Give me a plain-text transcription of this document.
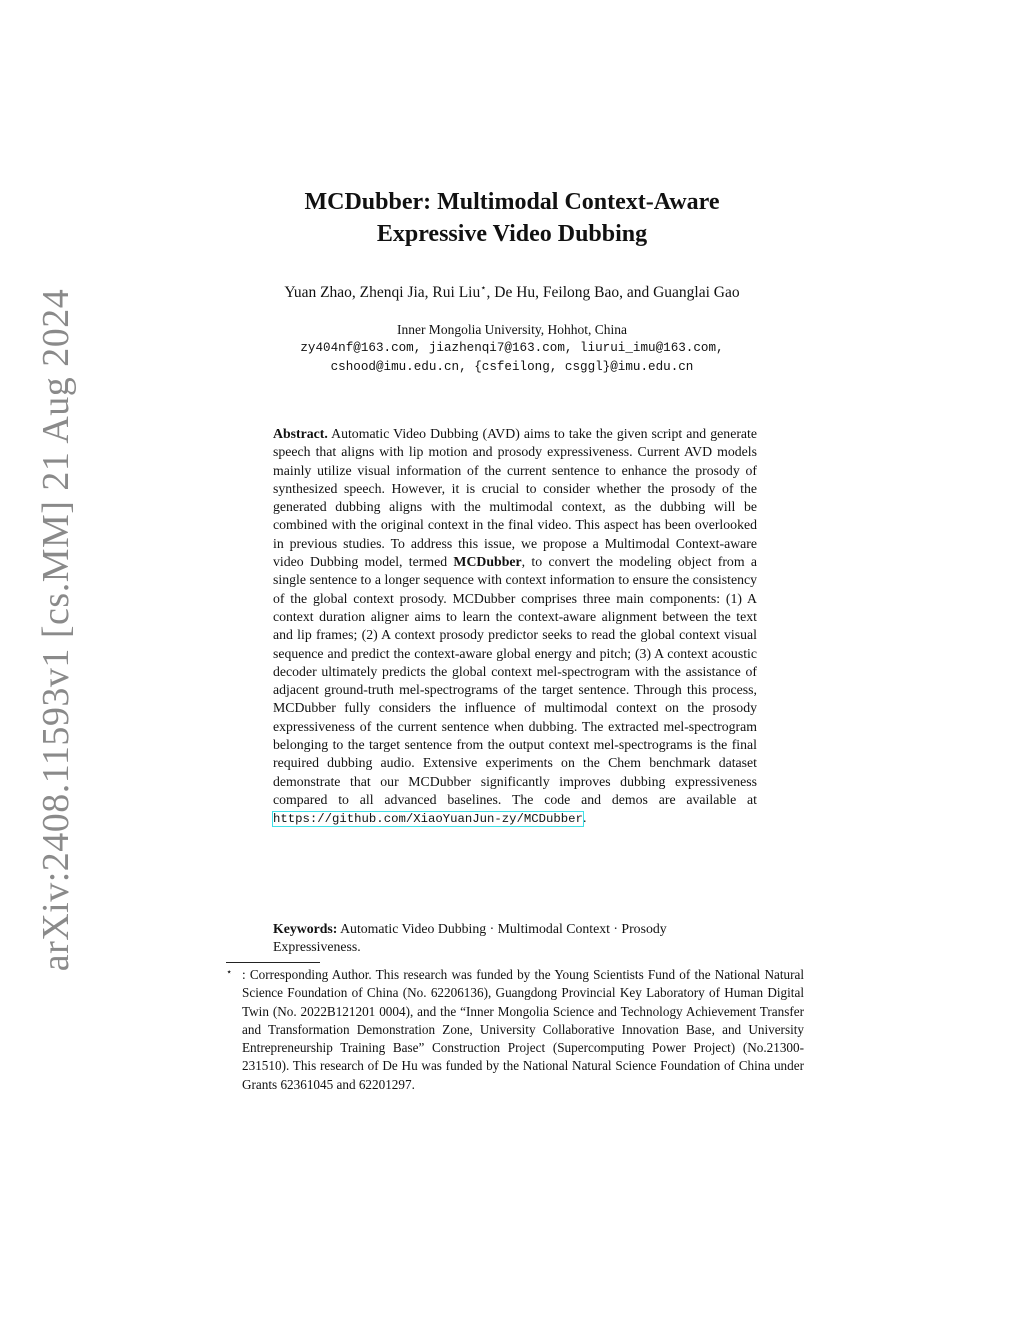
arXiv:2408.11593v1 [cs.MM] 21 Aug 2024
MCDubber: Multimodal Context-Aware
Expressive Video Dubbing
Yuan Zhao, Zhenqi Jia, Rui Liu⋆, De Hu, Feilong Bao, and Guanglai Gao
Inner Mongolia University, Hohhot, China
zy404nf@163.com, jiazhenqi7@163.com, liurui_imu@163.com,
cshood@imu.edu.cn, {csfeilong, csggl}@imu.edu.cn
Abstract. Automatic Video Dubbing (AVD) aims to take the given script and generate speech that aligns with lip motion and prosody expressiveness. Current AVD models mainly utilize visual information of the current sentence to enhance the prosody of synthesized speech. However, it is crucial to consider whether the prosody of the generated dubbing aligns with the multimodal context, as the dubbing will be combined with the original context in the final video. This aspect has been overlooked in previous studies. To address this issue, we propose a Multimodal Context-aware video Dubbing model, termed MCDubber, to convert the modeling object from a single sentence to a longer sequence with context information to ensure the consistency of the global context prosody. MCDubber comprises three main components: (1) A context duration aligner aims to learn the context-aware alignment between the text and lip frames; (2) A context prosody predictor seeks to read the global context visual sequence and predict the context-aware global energy and pitch; (3) A context acoustic decoder ultimately predicts the global context mel-spectrogram with the assistance of adjacent ground-truth mel-spectrograms of the target sentence. Through this process, MCDubber fully considers the influence of multimodal context on the prosody expressiveness of the current sentence when dubbing. The extracted mel-spectrogram belonging to the target sentence from the output context mel-spectrograms is the final required dubbing audio. Extensive experiments on the Chem benchmark dataset demonstrate that our MCDubber significantly improves dubbing expressiveness compared to all advanced baselines. The code and demos are available at https://github.com/XiaoYuanJun-zy/MCDubber.
Keywords: Automatic Video Dubbing · Multimodal Context · Prosody Expressiveness.
⋆ : Corresponding Author. This research was funded by the Young Scientists Fund of the National Natural Science Foundation of China (No. 62206136), Guangdong Provincial Key Laboratory of Human Digital Twin (No. 2022B121201 0004), and the “Inner Mongolia Science and Technology Achievement Transfer and Transformation Demonstration Zone, University Collaborative Innovation Base, and University Entrepreneurship Training Base” Construction Project (Supercomputing Power Project) (No.21300-231510). This research of De Hu was funded by the National Natural Science Foundation of China under Grants 62361045 and 62201297.
